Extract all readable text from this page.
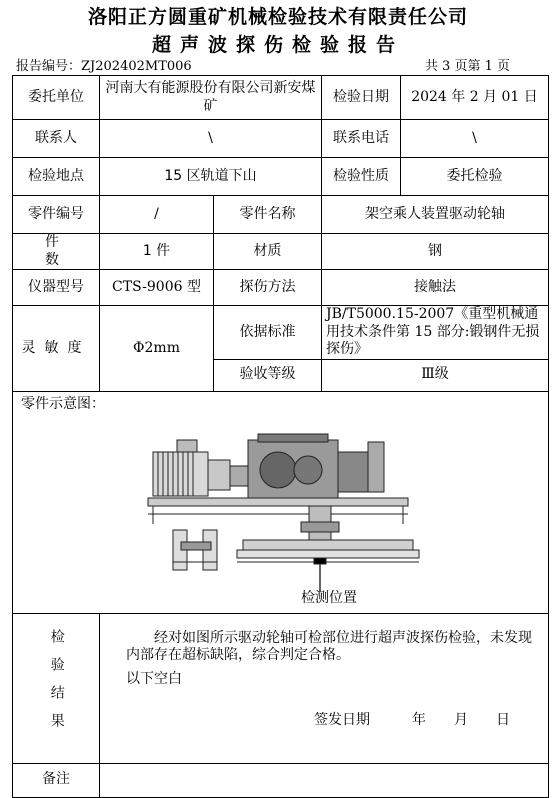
洛阳正方圆重矿机械检验技术有限责任公司
超声波探伤检验报告
报告编号：ZJ202402MT006	共 3 页第 1 页
委托单位	河南大有能源股份有限公司新安煤矿		检验日期	2024 年 2 月 01 日
联系人	\		联系电话	\
检验地点	15 区轨道下山		检验性质	委托检验
零件编号	/	零件名称	架空乘人装置驱动轮轴	
件数	1 件	材质	钢	
仪器型号	CTS-9006 型	探伤方法	接触法	
灵敏度	Φ2mm	依据标准	JB/T5000.15-2007《重型机械通用技术条件第 15 部分:锻钢件无损探伤》	
		验收等级	Ⅲ级	

零件示意图：
检测位置				

检验结果	经对如图所示驱动轮轴可检部位进行超声波探伤检验，未发现内部存在超标缺陷，综合判定合格。

以下空白

签发日期　　　年　　月　　日			

备注				
